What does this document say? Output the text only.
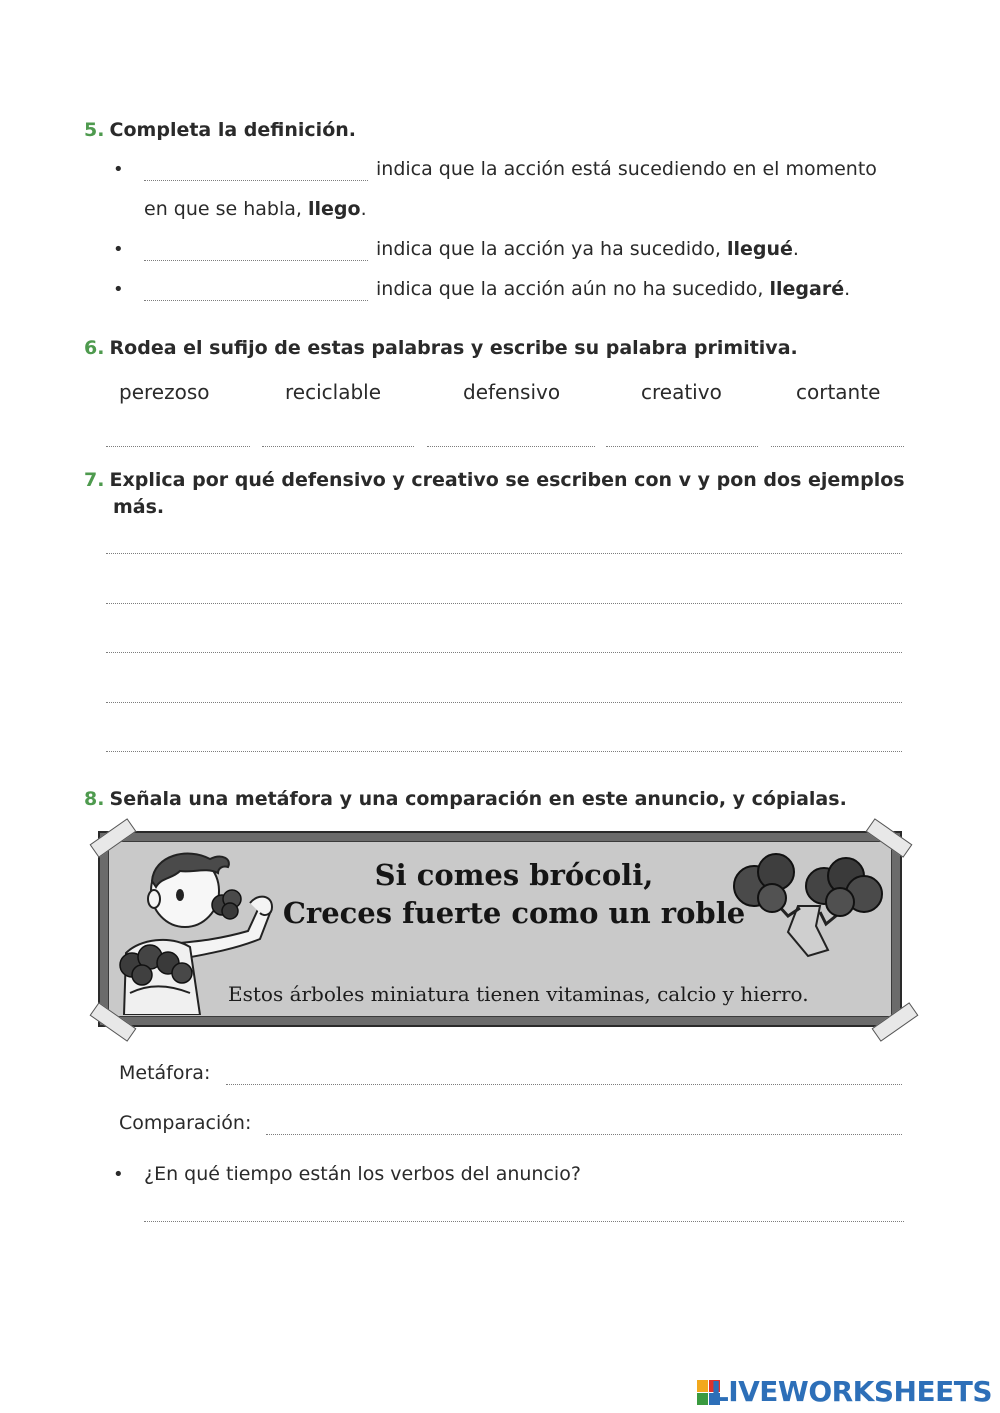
5. Completa la definición.
•	indica que la acción está sucediendo en el momento
en que se habla, llego.
•	indica que la acción ya ha sucedido, llegué.
•	indica que la acción aún no ha sucedido, llegaré.
6. Rodea el sufijo de estas palabras y escribe su palabra primitiva.
perezoso	reciclable	defensivo	creativo	cortante
7. Explica por qué defensivo y creativo se escriben con v y pon dos ejemplos
más.
8. Señala una metáfora y una comparación en este anuncio, y cópialas.
Si comes brócoli,
Creces fuerte como un roble
Estos árboles miniatura tienen vitaminas, calcio y hierro.
Metáfora:
Comparación:
• ¿En qué tiempo están los verbos del anuncio?
LIVEWORKSHEETS
